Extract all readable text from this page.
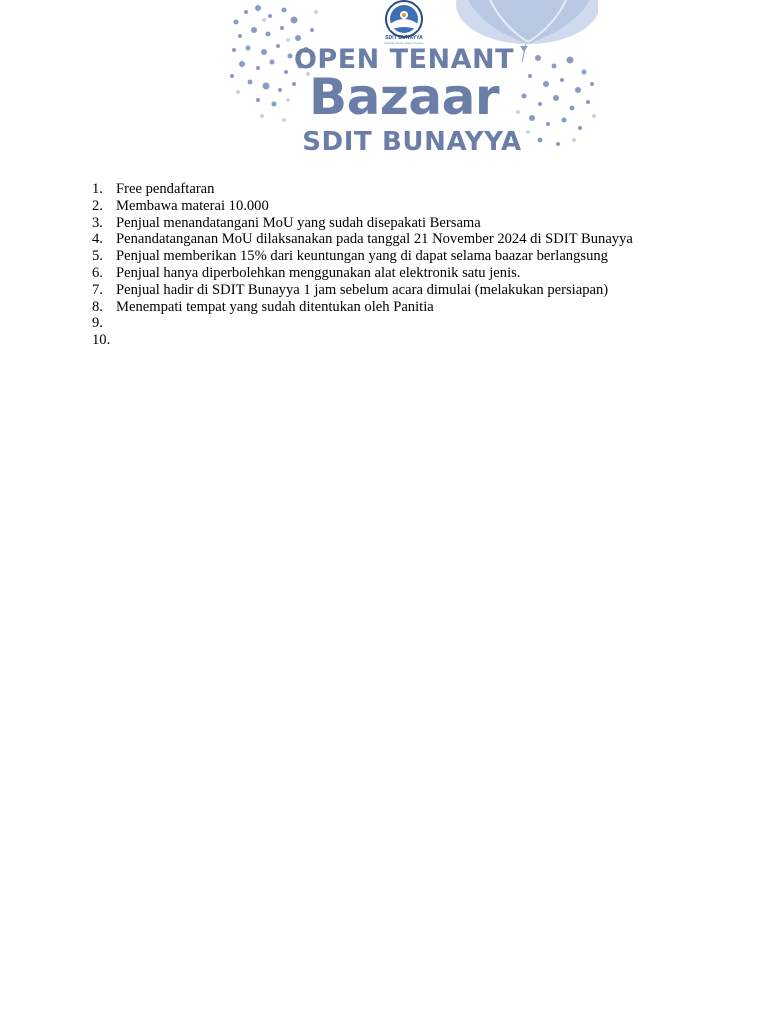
SDIT BUNAYYA
Sekolah Dasar Islam Terpadu
OPEN TENANT
Bazaar
SDIT BUNAYYA
1. Free pendaftaran
2. Membawa materai 10.000
3. Penjual menandatangani MoU yang sudah disepakati Bersama
4. Penandatanganan MoU dilaksanakan pada tanggal 21 November 2024 di SDIT Bunayya
5. Penjual memberikan 15% dari keuntungan yang di dapat selama baazar berlangsung
6. Penjual hanya diperbolehkan menggunakan alat elektronik satu jenis.
7. Penjual hadir di SDIT Bunayya 1 jam sebelum acara dimulai (melakukan persiapan)
8. Menempati tempat yang sudah ditentukan oleh Panitia
9.
10.
